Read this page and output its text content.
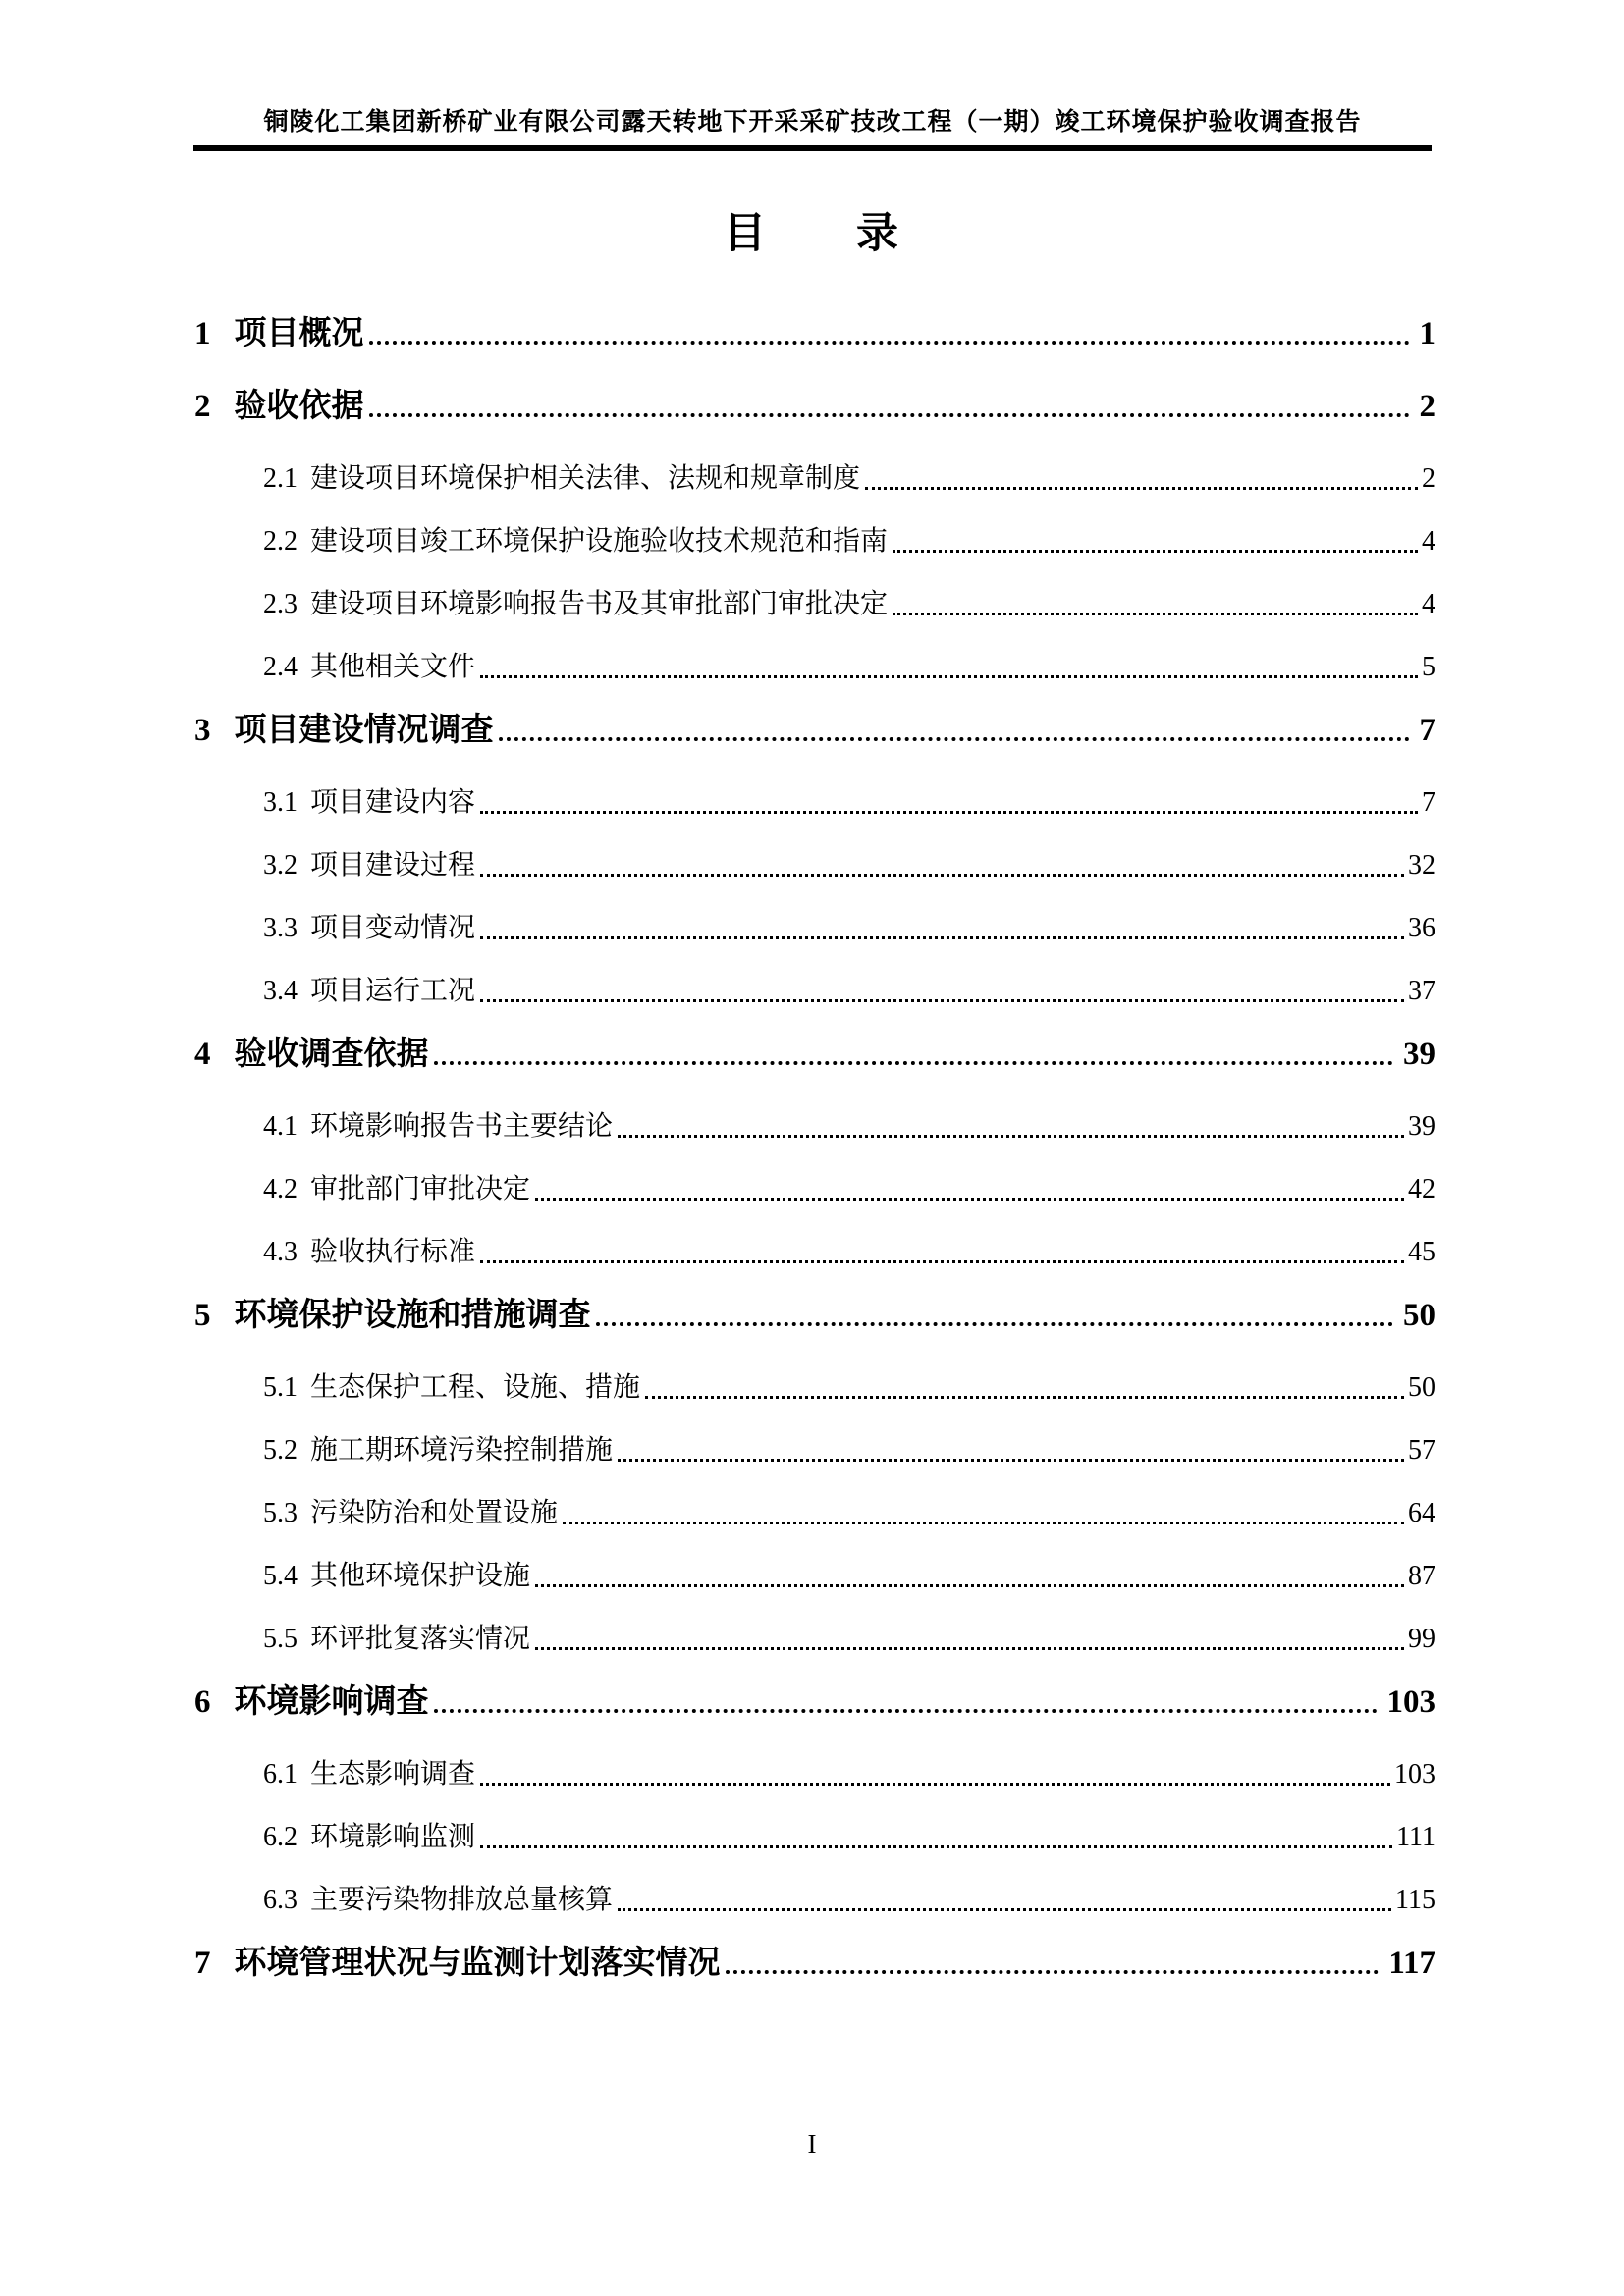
铜陵化工集团新桥矿业有限公司露天转地下开采采矿技改工程（一期）竣工环境保护验收调查报告
目　　录
1 项目概况	1
2 验收依据	2
2.1 建设项目环境保护相关法律、法规和规章制度	2
2.2 建设项目竣工环境保护设施验收技术规范和指南	4
2.3 建设项目环境影响报告书及其审批部门审批决定	4
2.4 其他相关文件	5
3 项目建设情况调查	7
3.1 项目建设内容	7
3.2 项目建设过程	32
3.3 项目变动情况	36
3.4 项目运行工况	37
4 验收调查依据	39
4.1 环境影响报告书主要结论	39
4.2 审批部门审批决定	42
4.3 验收执行标准	45
5 环境保护设施和措施调查	50
5.1 生态保护工程、设施、措施	50
5.2 施工期环境污染控制措施	57
5.3 污染防治和处置设施	64
5.4 其他环境保护设施	87
5.5 环评批复落实情况	99
6 环境影响调查	103
6.1 生态影响调查	103
6.2 环境影响监测	111
6.3 主要污染物排放总量核算	115
7 环境管理状况与监测计划落实情况	117
I
